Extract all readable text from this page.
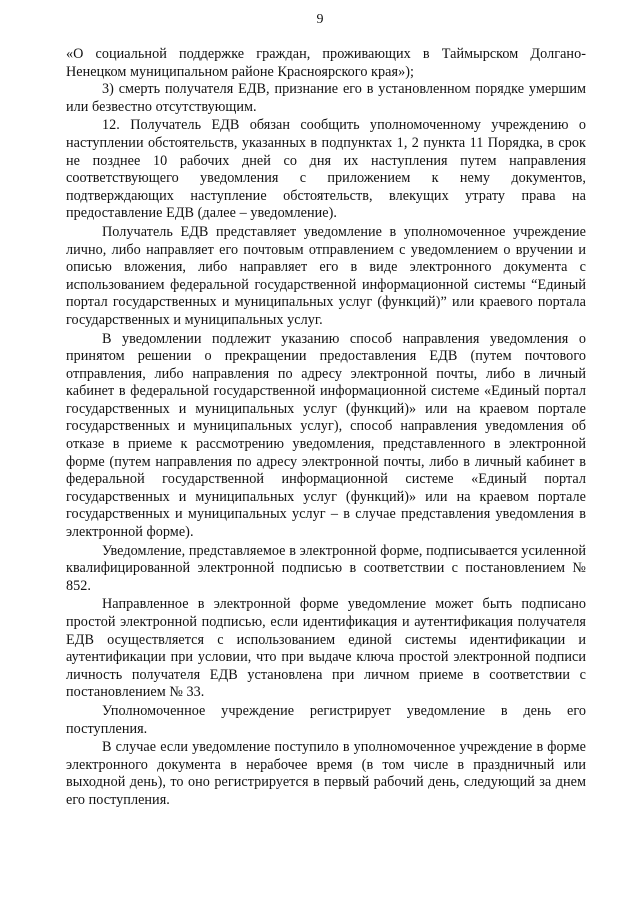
9

«О социальной поддержке граждан, проживающих в Таймырском Долгано-Ненецком муниципальном районе Красноярского края»);

3) смерть получателя ЕДВ, признание его в установленном порядке умершим или безвестно отсутствующим.

12. Получатель ЕДВ обязан сообщить уполномоченному учреждению о наступлении обстоятельств, указанных в подпунктах 1, 2 пункта 11 Порядка, в срок не позднее 10 рабочих дней со дня их наступления путем направления соответствующего уведомления с приложением к нему документов, подтверждающих наступление обстоятельств, влекущих утрату права на предоставление ЕДВ (далее – уведомление).

Получатель ЕДВ представляет уведомление в уполномоченное учреждение лично, либо направляет его почтовым отправлением с уведомлением о вручении и описью вложения, либо направляет его в виде электронного документа с использованием федеральной государственной информационной системы “Единый портал государственных и муниципальных услуг (функций)” или краевого портала государственных и муниципальных услуг.

В уведомлении подлежит указанию способ направления уведомления о принятом решении о прекращении предоставления ЕДВ (путем почтового отправления, либо направления по адресу электронной почты, либо в личный кабинет в федеральной государственной информационной системе «Единый портал государственных и муниципальных услуг (функций)» или на краевом портале государственных и муниципальных услуг), способ направления уведомления об отказе в приеме к рассмотрению уведомления, представленного в электронной форме (путем направления по адресу электронной почты, либо в личный кабинет в федеральной государственной информационной системе «Единый портал государственных и муниципальных услуг (функций)» или на краевом портале государственных и муниципальных услуг – в случае представления уведомления в электронной форме).

Уведомление, представляемое в электронной форме, подписывается усиленной квалифицированной электронной подписью в соответствии с постановлением № 852.

Направленное в электронной форме уведомление может быть подписано простой электронной подписью, если идентификация и аутентификация получателя ЕДВ осуществляется с использованием единой системы идентификации и аутентификации при условии, что при выдаче ключа простой электронной подписи личность получателя ЕДВ установлена при личном приеме в соответствии с постановлением № 33.

Уполномоченное учреждение регистрирует уведомление в день его поступления.

В случае если уведомление поступило в уполномоченное учреждение в форме электронного документа в нерабочее время (в том числе в праздничный или выходной день), то оно регистрируется в первый рабочий день, следующий за днем его поступления.
